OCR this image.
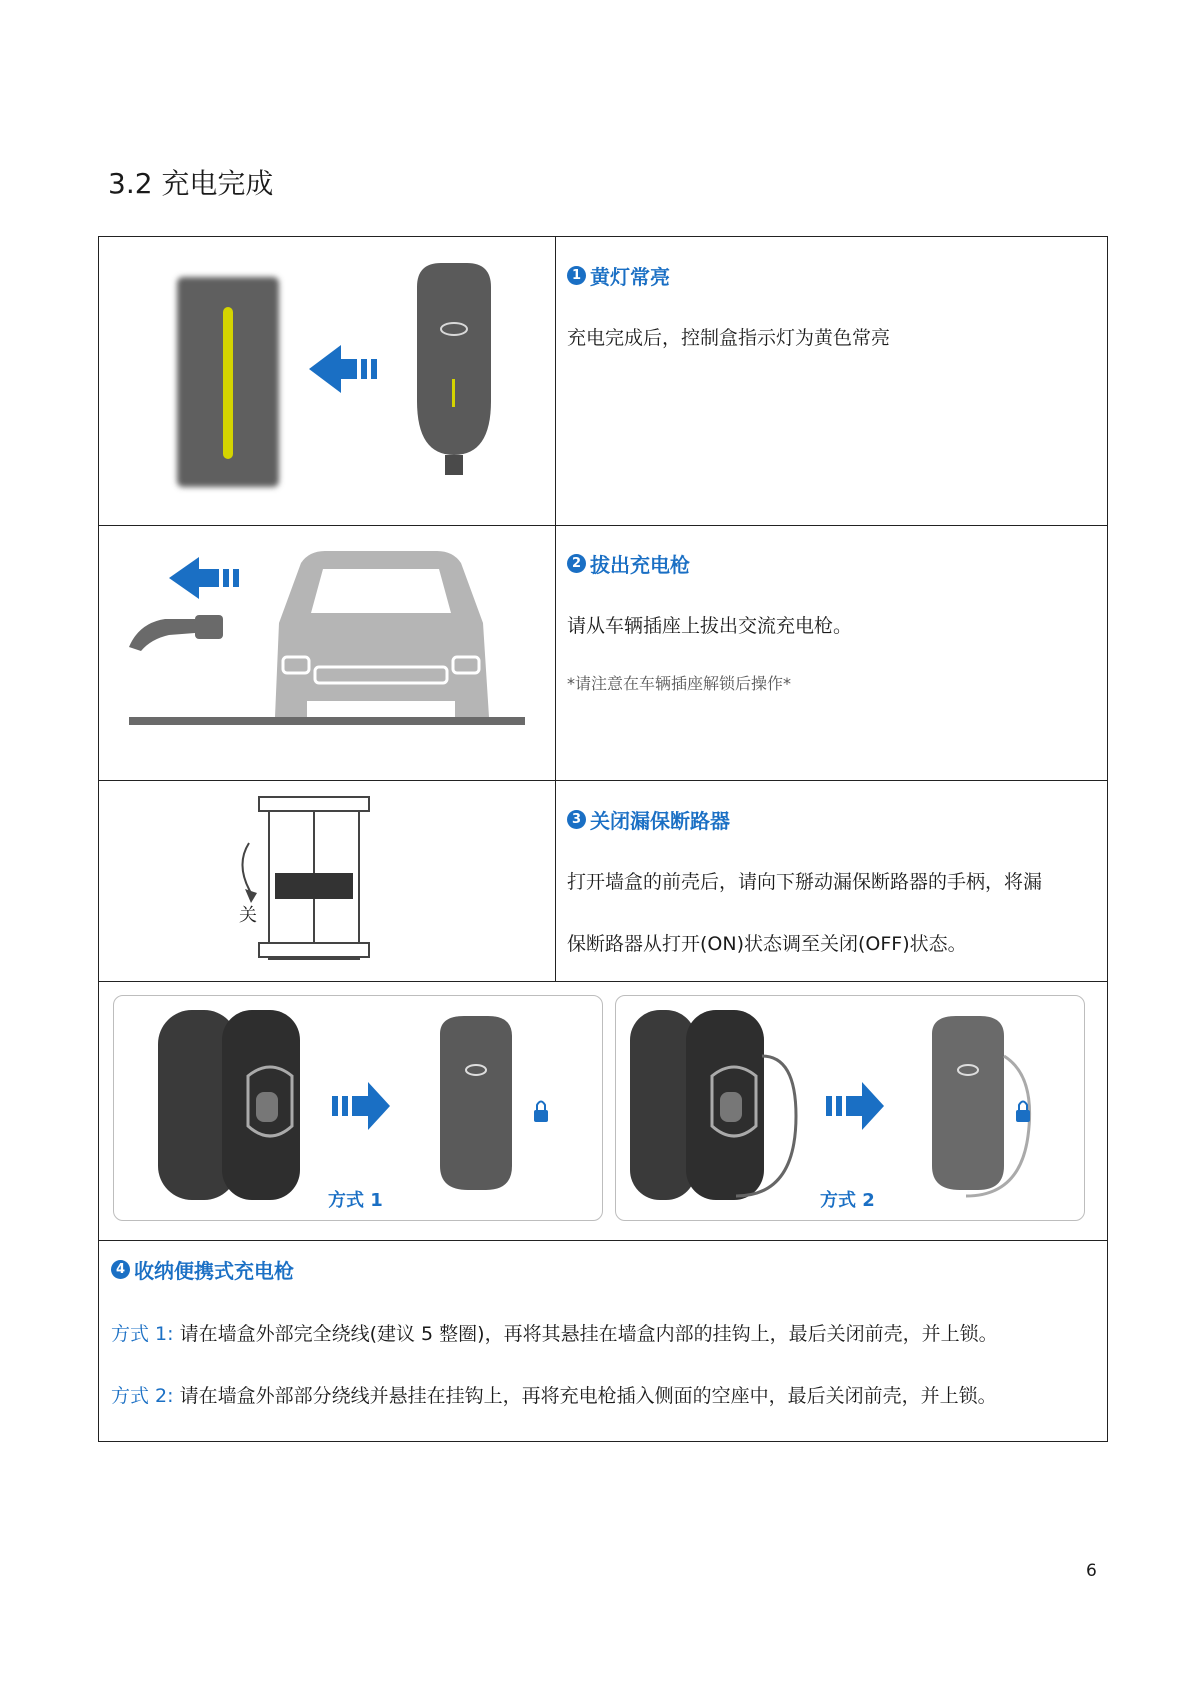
3.2 充电完成
1 黄灯常亮

充电完成后，控制盒指示灯为黄色常亮

2 拔出充电枪

请从车辆插座上拔出交流充电枪。

*请注意在车辆插座解锁后操作*

关
3 关闭漏保断路器

打开墙盒的前壳后，请向下掰动漏保断路器的手柄，将漏

保断路器从打开(ON)状态调至关闭(OFF)状态。

方式 1	方式 2
4 收纳便携式充电枪

方式 1: 请在墙盒外部完全绕线(建议 5 整圈)，再将其悬挂在墙盒内部的挂钩上，最后关闭前壳，并上锁。

方式 2: 请在墙盒外部部分绕线并悬挂在挂钩上，再将充电枪插入侧面的空座中，最后关闭前壳，并上锁。

6
